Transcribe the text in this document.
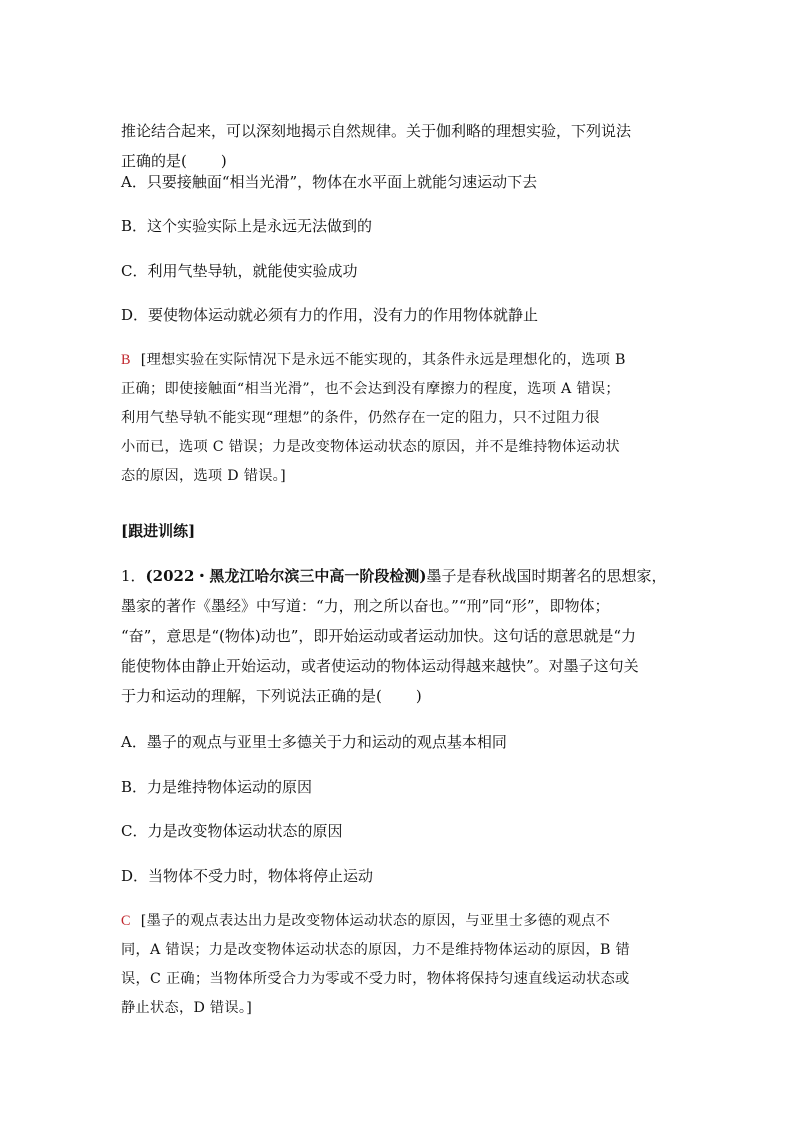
推论结合起来，可以深刻地揭示自然规律。关于伽利略的理想实验，下列说法
正确的是( )
A．只要接触面“相当光滑”，物体在水平面上就能匀速运动下去
B．这个实验实际上是永远无法做到的
C．利用气垫导轨，就能使实验成功
D．要使物体运动就必须有力的作用，没有力的作用物体就静止
B [理想实验在实际情况下是永远不能实现的，其条件永远是理想化的，选项 B
正确；即使接触面“相当光滑”，也不会达到没有摩擦力的程度，选项 A 错误；
利用气垫导轨不能实现“理想”的条件，仍然存在一定的阻力，只不过阻力很
小而已，选项 C 错误；力是改变物体运动状态的原因，并不是维持物体运动状
态的原因，选项 D 错误。]
[跟进训练]
1．(2022・黑龙江哈尔滨三中高一阶段检测)墨子是春秋战国时期著名的思想家，
墨家的著作《墨经》中写道：“力，刑之所以奋也。”“刑”同“形”，即物体；
“奋”，意思是“(物体)动也”，即开始运动或者运动加快。这句话的意思就是“力
能使物体由静止开始运动，或者使运动的物体运动得越来越快”。对墨子这句关
于力和运动的理解，下列说法正确的是( )
A．墨子的观点与亚里士多德关于力和运动的观点基本相同
B．力是维持物体运动的原因
C．力是改变物体运动状态的原因
D．当物体不受力时，物体将停止运动
C [墨子的观点表达出力是改变物体运动状态的原因，与亚里士多德的观点不
同，A 错误；力是改变物体运动状态的原因，力不是维持物体运动的原因，B 错
误，C 正确；当物体所受合力为零或不受力时，物体将保持匀速直线运动状态或
静止状态，D 错误。]
